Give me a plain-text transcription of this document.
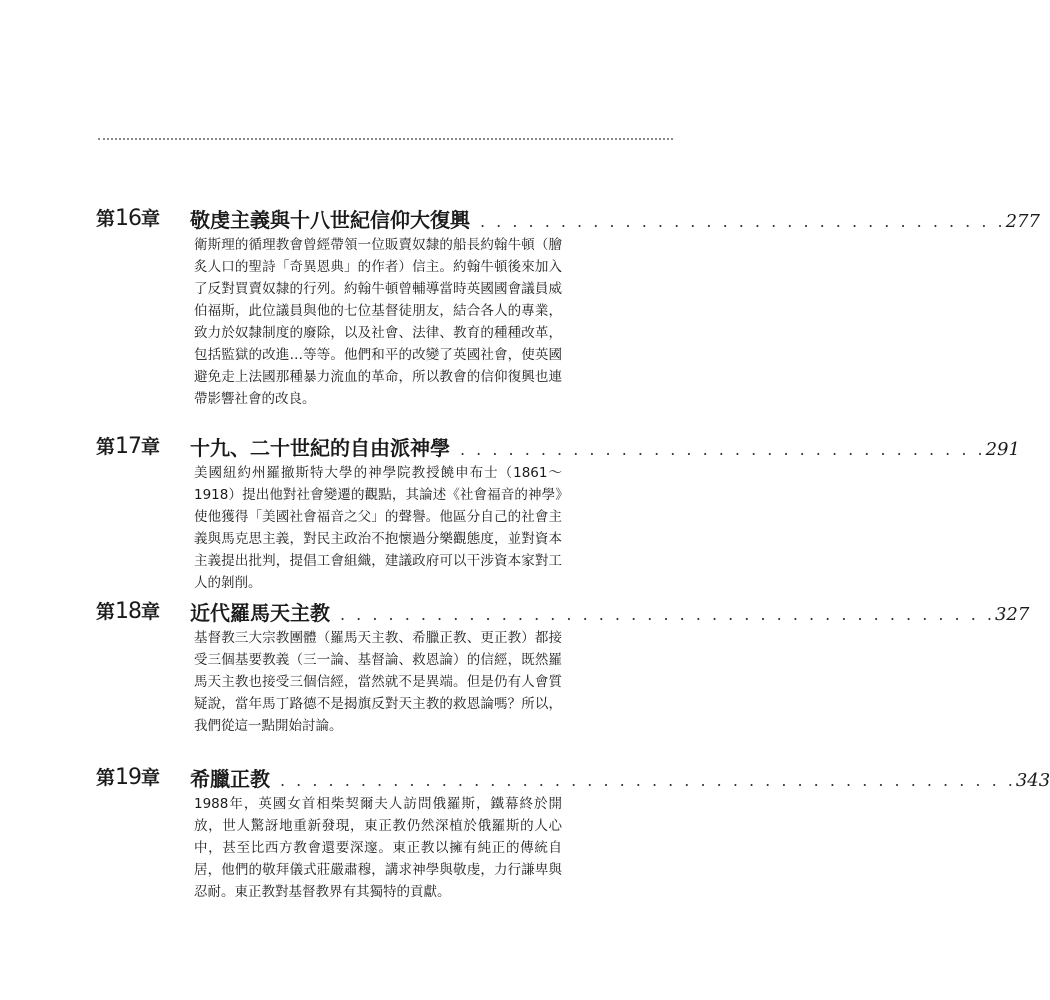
第16章 敬虔主義與十八世紀信仰大復興 . . . . . . . . . . . . . . . . . . . . . . . . . . . . . . . . . 277

衛斯理的循理教會曾經帶領一位販賣奴隸的船長約翰牛頓（膾炙人口的聖詩「奇異恩典」的作者）信主。約翰牛頓後來加入了反對買賣奴隸的行列。約翰牛頓曾輔導當時英國國會議員威伯福斯，此位議員與他的七位基督徒朋友，結合各人的專業，致力於奴隸制度的廢除，以及社會、法律、教育的種種改革，包括監獄的改進…等等。他們和平的改變了英國社會，使英國避免走上法國那種暴力流血的革命，所以教會的信仰復興也連帶影響社會的改良。

第17章 十九、二十世紀的自由派神學 . . . . . . . . . . . . . . . . . . . . . . . . . . . . . . . . . 291

美國紐約州羅撤斯特大學的神學院教授饒申布士（1861～1918）提出他對社會變遷的觀點，其論述《社會福音的神學》使他獲得「美國社會福音之父」的聲譽。他區分自己的社會主義與馬克思主義，對民主政治不抱懷過分樂觀態度，並對資本主義提出批判，提倡工會組織，建議政府可以干涉資本家對工人的剝削。

第18章 近代羅馬天主教 . . . . . . . . . . . . . . . . . . . . . . . . . . . . . . . . . . . . . . . . . 327

基督教三大宗教團體（羅馬天主教、希臘正教、更正教）都接受三個基要教義（三一論、基督論、救恩論）的信經，既然羅馬天主教也接受三個信經，當然就不是異端。但是仍有人會質疑說，當年馬丁路德不是揭旗反對天主教的救恩論嗎？所以，我們從這一點開始討論。

第19章 希臘正教 . . . . . . . . . . . . . . . . . . . . . . . . . . . . . . . . . . . . . . . . . . . . . . 343

1988年，英國女首相柴契爾夫人訪問俄羅斯，鐵幕終於開放，世人驚訝地重新發現，東正教仍然深植於俄羅斯的人心中，甚至比西方教會還要深邃。東正教以擁有純正的傳統自居，他們的敬拜儀式莊嚴肅穆，講求神學與敬虔，力行謙卑與忍耐。東正教對基督教界有其獨特的貢獻。
